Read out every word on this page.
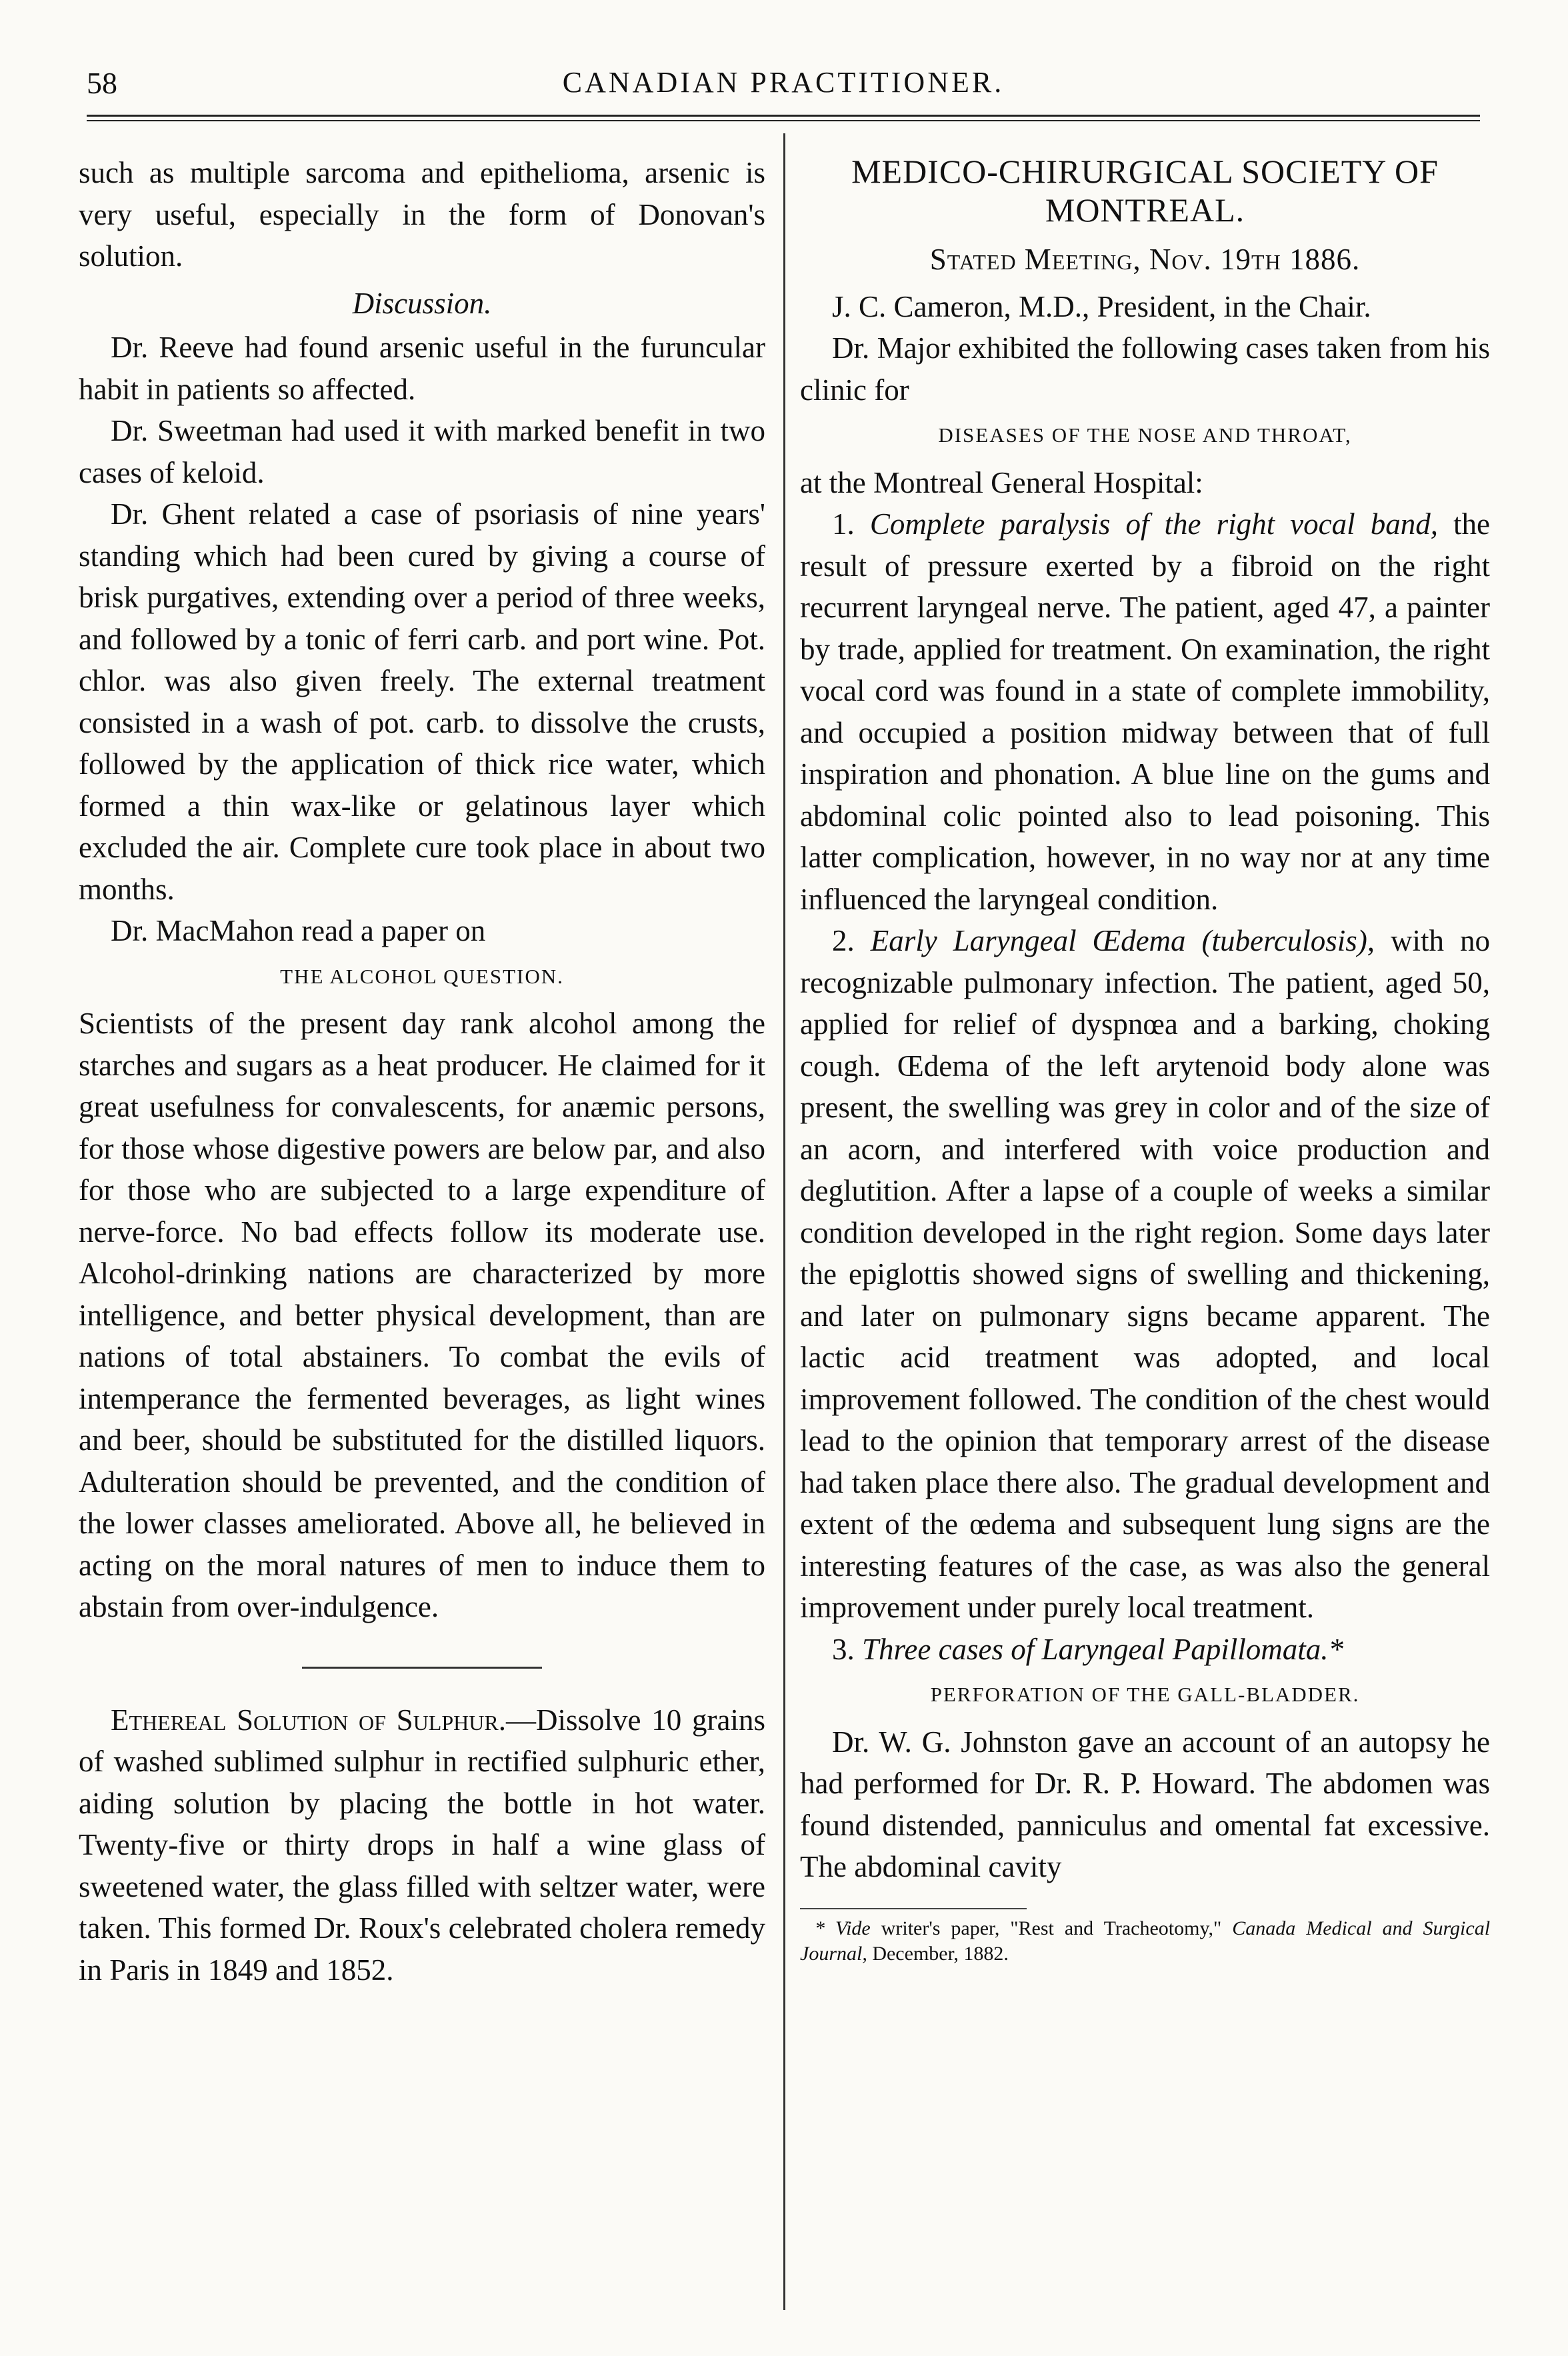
58	CANADIAN PRACTITIONER.

such as multiple sarcoma and epithelioma, arsenic is very useful, especially in the form of Donovan's solution.

Discussion.

Dr. Reeve had found arsenic useful in the furuncular habit in patients so affected.

Dr. Sweetman had used it with marked benefit in two cases of keloid.

Dr. Ghent related a case of psoriasis of nine years' standing which had been cured by giving a course of brisk purgatives, extending over a period of three weeks, and followed by a tonic of ferri carb. and port wine. Pot. chlor. was also given freely. The external treatment consisted in a wash of pot. carb. to dissolve the crusts, followed by the application of thick rice water, which formed a thin wax-like or gelatinous layer which excluded the air. Complete cure took place in about two months.

Dr. MacMahon read a paper on

THE ALCOHOL QUESTION.

Scientists of the present day rank alcohol among the starches and sugars as a heat producer. He claimed for it great usefulness for convalescents, for anæmic persons, for those whose digestive powers are below par, and also for those who are subjected to a large expenditure of nerve-force. No bad effects follow its moderate use. Alcohol-drinking nations are characterized by more intelligence, and better physical development, than are nations of total abstainers. To combat the evils of intemperance the fermented beverages, as light wines and beer, should be substituted for the distilled liquors. Adulteration should be prevented, and the condition of the lower classes ameliorated. Above all, he believed in acting on the moral natures of men to induce them to abstain from over-indulgence.

Ethereal Solution of Sulphur.—Dissolve 10 grains of washed sublimed sulphur in rectified sulphuric ether, aiding solution by placing the bottle in hot water. Twenty-five or thirty drops in half a wine glass of sweetened water, the glass filled with seltzer water, were taken. This formed Dr. Roux's celebrated cholera remedy in Paris in 1849 and 1852.

MEDICO-CHIRURGICAL SOCIETY OF MONTREAL.

Stated Meeting, Nov. 19th 1886.

J. C. Cameron, M.D., President, in the Chair.

Dr. Major exhibited the following cases taken from his clinic for

DISEASES OF THE NOSE AND THROAT,

at the Montreal General Hospital:

1. Complete paralysis of the right vocal band, the result of pressure exerted by a fibroid on the right recurrent laryngeal nerve. The patient, aged 47, a painter by trade, applied for treatment. On examination, the right vocal cord was found in a state of complete immobility, and occupied a position midway between that of full inspiration and phonation. A blue line on the gums and abdominal colic pointed also to lead poisoning. This latter complication, however, in no way nor at any time influenced the laryngeal condition.

2. Early Laryngeal Œdema (tuberculosis), with no recognizable pulmonary infection. The patient, aged 50, applied for relief of dyspnœa and a barking, choking cough. Œdema of the left arytenoid body alone was present, the swelling was grey in color and of the size of an acorn, and interfered with voice production and deglutition. After a lapse of a couple of weeks a similar condition developed in the right region. Some days later the epiglottis showed signs of swelling and thickening, and later on pulmonary signs became apparent. The lactic acid treatment was adopted, and local improvement followed. The condition of the chest would lead to the opinion that temporary arrest of the disease had taken place there also. The gradual development and extent of the œdema and subsequent lung signs are the interesting features of the case, as was also the general improvement under purely local treatment.

3. Three cases of Laryngeal Papillomata.*

PERFORATION OF THE GALL-BLADDER.

Dr. W. G. Johnston gave an account of an autopsy he had performed for Dr. R. P. Howard. The abdomen was found distended, panniculus and omental fat excessive. The abdominal cavity

* Vide writer's paper, "Rest and Tracheotomy," Canada Medical and Surgical Journal, December, 1882.
